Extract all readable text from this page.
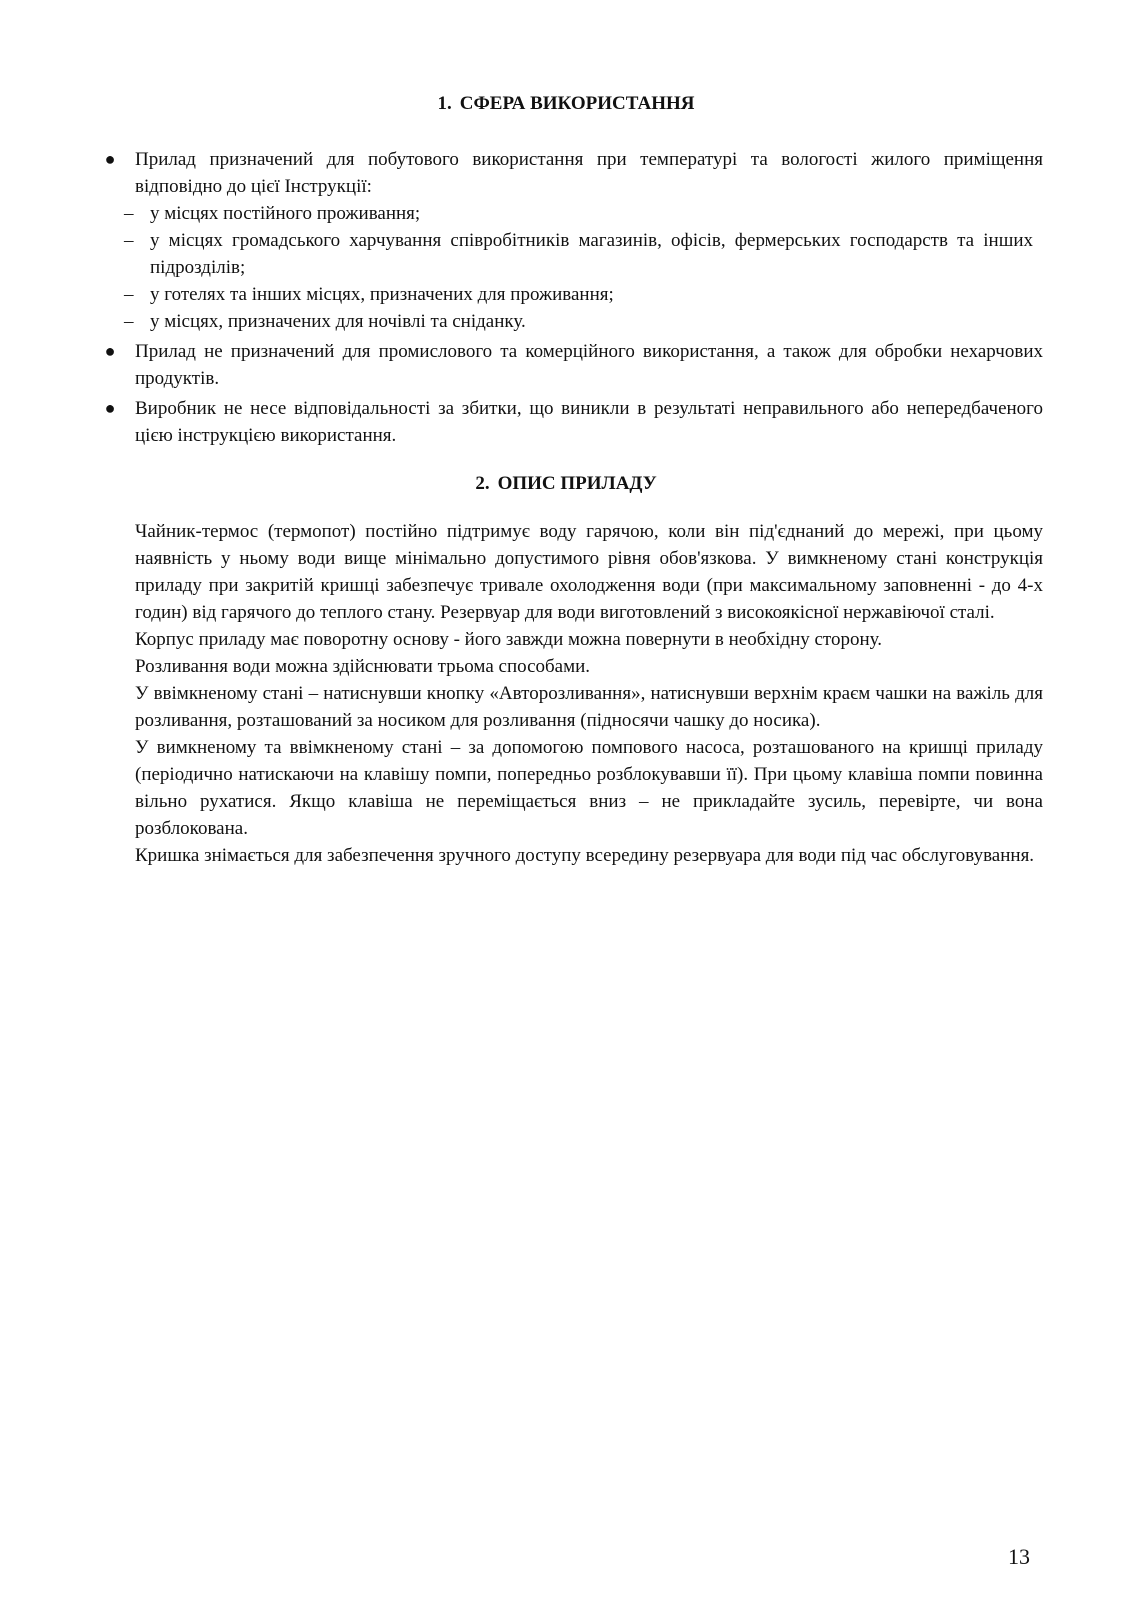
1. СФЕРА ВИКОРИСТАННЯ
● Прилад призначений для побутового використання при температурі та вологості жилого приміщення відповідно до цієї Інструкції:
– у місцях постійного проживання;
– у місцях громадського харчування співробітників магазинів, офісів, фермерських господарств та інших підрозділів;
– у готелях та інших місцях, призначених для проживання;
– у місцях, призначених для ночівлі та сніданку.
● Прилад не призначений для промислового та комерційного використання, а також для обробки нехарчових продуктів.
● Виробник не несе відповідальності за збитки, що виникли в результаті неправильного або непередбаченого цією інструкцією використання.
2. ОПИС ПРИЛАДУ

Чайник-термос (термопот) постійно підтримує воду гарячою, коли він під'єднаний до мережі, при цьому наявність у ньому води вище мінімально допустимого рівня обов'язкова. У вимкненому стані конструкція приладу при закритій кришці забезпечує тривале охолодження води (при максимальному заповненні - до 4-х годин) від гарячого до теплого стану. Резервуар для води виготовлений з високоякісної нержавіючої сталі.

Корпус приладу має поворотну основу - його завжди можна повернути в необхідну сторону.

Розливання води можна здійснювати трьома способами.

У ввімкненому стані – натиснувши кнопку «Авторозливання», натиснувши верхнім краєм чашки на важіль для розливання, розташований за носиком для розливання (підносячи чашку до носика).

У вимкненому та ввімкненому стані – за допомогою помпового насоса, розташованого на кришці приладу (періодично натискаючи на клавішу помпи, попередньо розблокувавши її). При цьому клавіша помпи повинна вільно рухатися. Якщо клавіша не переміщається вниз – не прикладайте зусиль, перевірте, чи вона розблокована.

Кришка знімається для забезпечення зручного доступу всередину резервуара для води під час обслуговування.

13
